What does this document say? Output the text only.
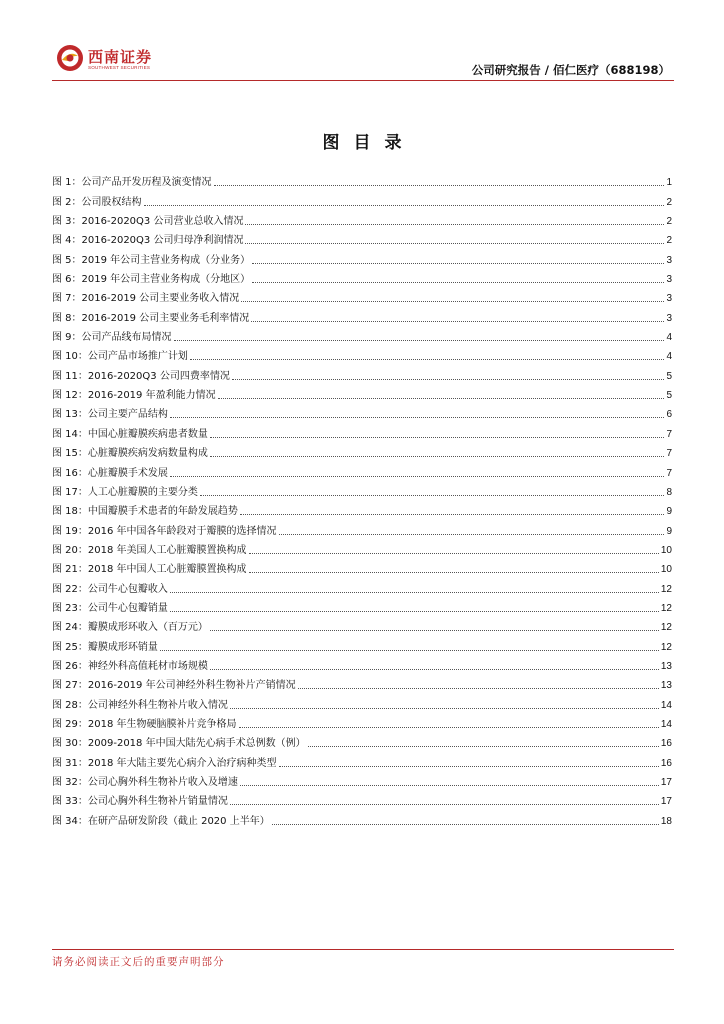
西南证券
SOUTHWEST SECURITIES	公司研究报告 / 佰仁医疗（688198）
图目录
图 1：公司产品开发历程及演变情况	1
图 2：公司股权结构	2
图 3：2016-2020Q3 公司营业总收入情况	2
图 4：2016-2020Q3 公司归母净利润情况	2
图 5：2019 年公司主营业务构成（分业务）	3
图 6：2019 年公司主营业务构成（分地区）	3
图 7：2016-2019 公司主要业务收入情况	3
图 8：2016-2019 公司主要业务毛利率情况	3
图 9：公司产品线布局情况	4
图 10：公司产品市场推广计划	4
图 11：2016-2020Q3 公司四费率情况	5
图 12：2016-2019 年盈利能力情况	5
图 13：公司主要产品结构	6
图 14：中国心脏瓣膜疾病患者数量	7
图 15：心脏瓣膜疾病发病数量构成	7
图 16：心脏瓣膜手术发展	7
图 17：人工心脏瓣膜的主要分类	8
图 18：中国瓣膜手术患者的年龄发展趋势	9
图 19：2016 年中国各年龄段对于瓣膜的选择情况	9
图 20：2018 年美国人工心脏瓣膜置换构成	10
图 21：2018 年中国人工心脏瓣膜置换构成	10
图 22：公司牛心包瓣收入	12
图 23：公司牛心包瓣销量	12
图 24：瓣膜成形环收入（百万元）	12
图 25：瓣膜成形环销量	12
图 26：神经外科高值耗材市场规模	13
图 27：2016-2019 年公司神经外科生物补片产销情况	13
图 28：公司神经外科生物补片收入情况	14
图 29：2018 年生物硬脑膜补片竞争格局	14
图 30：2009-2018 年中国大陆先心病手术总例数（例）	16
图 31：2018 年大陆主要先心病介入治疗病种类型	16
图 32：公司心胸外科生物补片收入及增速	17
图 33：公司心胸外科生物补片销量情况	17
图 34：在研产品研发阶段（截止 2020 上半年）	18
请务必阅读正文后的重要声明部分
